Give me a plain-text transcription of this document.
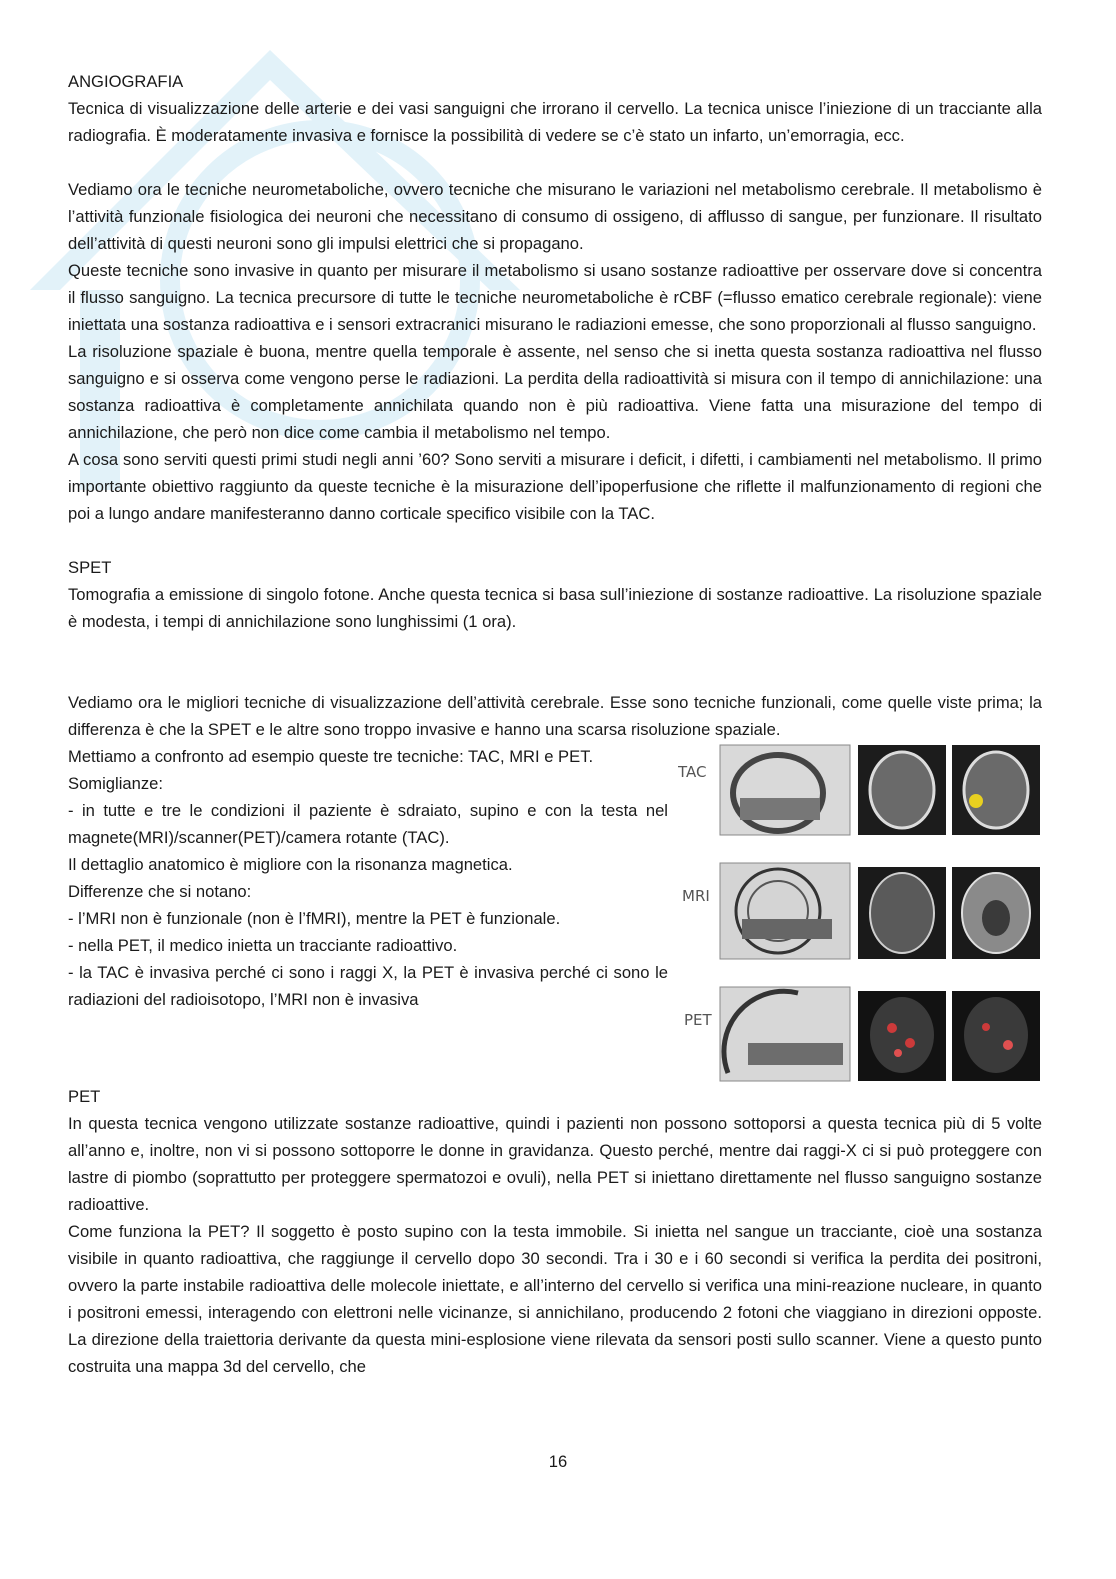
ANGIOGRAFIA

Tecnica di visualizzazione delle arterie e dei vasi sanguigni che irrorano il cervello. La tecnica unisce l’iniezione di un tracciante alla radiografia. È moderatamente invasiva e fornisce la possibilità di vedere se c’è stato un infarto, un’emorragia, ecc.

Vediamo ora le tecniche neurometaboliche, ovvero tecniche che misurano le variazioni nel metabolismo cerebrale. Il metabolismo è l’attività funzionale fisiologica dei neuroni che necessitano di consumo di ossigeno, di afflusso di sangue, per funzionare. Il risultato dell’attività di questi neuroni sono gli impulsi elettrici che si propagano.

Queste tecniche sono invasive in quanto per misurare il metabolismo si usano sostanze radioattive per osservare dove si concentra il flusso sanguigno. La tecnica precursore di tutte le tecniche neurometaboliche è rCBF (=flusso ematico cerebrale regionale): viene iniettata una sostanza radioattiva e i sensori extracranici misurano le radiazioni emesse, che sono proporzionali al flusso sanguigno.

La risoluzione spaziale è buona, mentre quella temporale è assente, nel senso che si inetta questa sostanza radioattiva nel flusso sanguigno e si osserva come vengono perse le radiazioni. La perdita della radioattività si misura con il tempo di annichilazione: una sostanza radioattiva è completamente annichilata quando non è più radioattiva. Viene fatta una misurazione del tempo di annichilazione, che però non dice come cambia il metabolismo nel tempo.

A cosa sono serviti questi primi studi negli anni ’60? Sono serviti a misurare i deficit, i difetti, i cambiamenti nel metabolismo. Il primo importante obiettivo raggiunto da queste tecniche è la misurazione dell’ipoperfusione che riflette il malfunzionamento di regioni che poi a lungo andare manifesteranno danno corticale specifico visibile con la TAC.

SPET

Tomografia a emissione di singolo fotone. Anche questa tecnica si basa sull’iniezione di sostanze radioattive. La risoluzione spaziale è modesta, i tempi di annichilazione sono lunghissimi (1 ora).

Vediamo ora le migliori tecniche di visualizzazione dell’attività cerebrale. Esse sono tecniche funzionali, come quelle viste prima; la differenza è che la SPET e le altre sono troppo invasive e hanno una scarsa risoluzione spaziale.

Mettiamo a confronto ad esempio queste tre tecniche: TAC, MRI e PET.

Somiglianze:

- in tutte e tre le condizioni il paziente è sdraiato, supino e con la testa nel magnete(MRI)/scanner(PET)/camera rotante (TAC).

Il dettaglio anatomico è migliore con la risonanza magnetica.

Differenze che si notano:

- l’MRI non è funzionale (non è l’fMRI), mentre la PET è funzionale.

- nella PET, il medico inietta un tracciante radioattivo.

- la TAC è invasiva perché ci sono i raggi X, la PET è invasiva perché ci sono le radiazioni del radioisotopo, l’MRI non è invasiva

TAC
MRI
PET
PET

In questa tecnica vengono utilizzate sostanze radioattive, quindi i pazienti non possono sottoporsi a questa tecnica più di 5 volte all’anno e, inoltre, non vi si possono sottoporre le donne in gravidanza. Questo perché, mentre dai raggi-X ci si può proteggere con lastre di piombo (soprattutto per proteggere spermatozoi e ovuli), nella PET si iniettano direttamente nel flusso sanguigno sostanze radioattive.

Come funziona la PET? Il soggetto è posto supino con la testa immobile. Si inietta nel sangue un tracciante, cioè una sostanza visibile in quanto radioattiva, che raggiunge il cervello dopo 30 secondi. Tra i 30 e i 60 secondi si verifica la perdita dei positroni, ovvero la parte instabile radioattiva delle molecole iniettate, e all’interno del cervello si verifica una mini-reazione nucleare, in quanto i positroni emessi, interagendo con elettroni nelle vicinanze, si annichilano, producendo 2 fotoni che viaggiano in direzioni opposte. La direzione della traiettoria derivante da questa mini-esplosione viene rilevata da sensori posti sullo scanner. Viene a questo punto costruita una mappa 3d del cervello, che

16
